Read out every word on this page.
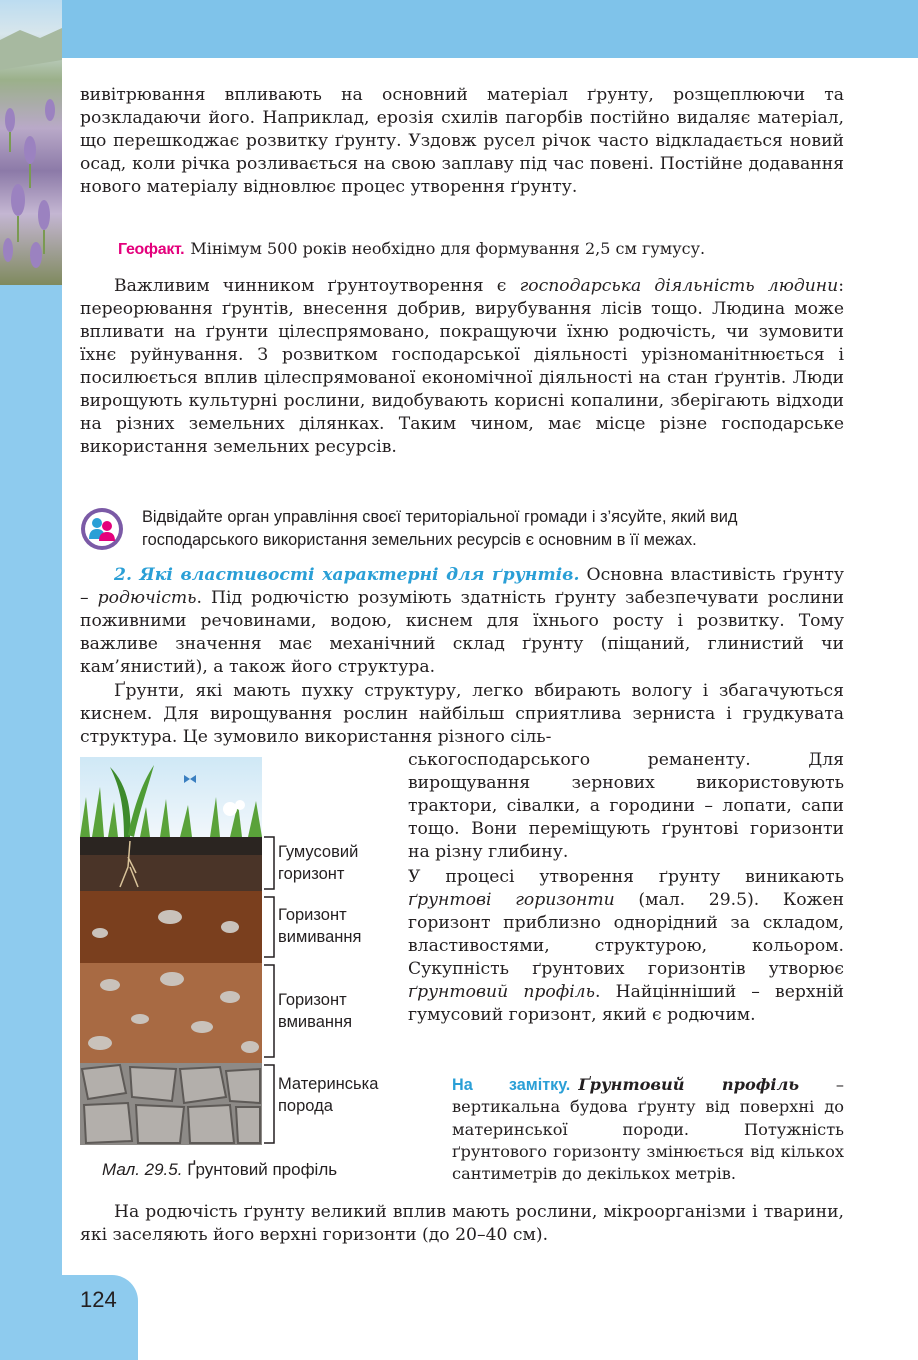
124

вивітрювання впливають на основний матеріал ґрунту, розщеплюючи та розкладаючи його. Наприклад, ерозія схилів пагорбів постійно видаляє матеріал, що перешкоджає розвитку ґрунту. Уздовж русел річок часто відкладається новий осад, коли річка розливається на свою заплаву під час повені. Постійне додавання нового матеріалу відновлює процес утворення ґрунту.

Геофакт. Мінімум 500 років необхідно для формування 2,5 см гумусу.

Важливим чинником ґрунтоутворення є господарська діяльність людини: переорювання ґрунтів, внесення добрив, вирубування лісів тощо. Людина може впливати на ґрунти цілеспрямовано, покращуючи їхню родючість, чи зумовити їхнє руйнування. З розвитком господарської діяльності урізноманітнюється і посилюється вплив цілеспрямованої економічної діяльності на стан ґрунтів. Люди вирощують культурні рослини, видобувають корисні копалини, зберігають відходи на різних земельних ділянках. Таким чином, має місце різне господарське використання земельних ресурсів.

Відвідайте орган управління своєї територіальної громади і з’ясуйте, який вид господарського використання земельних ресурсів є основним в її межах.

2. Які властивості характерні для ґрунтів. Основна властивість ґрунту – родючість. Під родючістю розуміють здатність ґрунту забезпечувати рослини поживними речовинами, водою, киснем для їхнього росту і розвитку. Тому важливе значення має механічний склад ґрунту (піщаний, глинистий чи кам’янистий), а також його структура.

Ґрунти, які мають пухку структуру, легко вбирають вологу і збагачуються киснем. Для вирощування рослин найбільш сприятлива зерниста і грудкувата структура. Це зумовило використання різного сіль-

ськогосподарського реманенту. Для вирощування зернових використовують трактори, сівалки, а городини – лопати, сапи тощо. Вони переміщують ґрунтові горизонти на різну глибину.

У процесі утворення ґрунту виникають ґрунтові горизонти (мал. 29.5). Кожен горизонт приблизно однорідний за складом, властивостями, структурою, кольором. Сукупність ґрунтових горизонтів утворює ґрунтовий профіль. Найцінніший – верхній гумусовий горизонт, який є родючим.

Гумусовий горизонт
Горизонт вимивання
Горизонт вмивання
Материнська порода
Мал. 29.5. Ґрунтовий профіль

На замітку. Ґрунтовий профіль – вертикальна будова ґрунту від поверхні до материнської породи. Потужність ґрунтового горизонту змінюється від кількох сантиметрів до декількох метрів.

На родючість ґрунту великий вплив мають рослини, мікроорганізми і тварини, які заселяють його верхні горизонти (до 20–40 см).
